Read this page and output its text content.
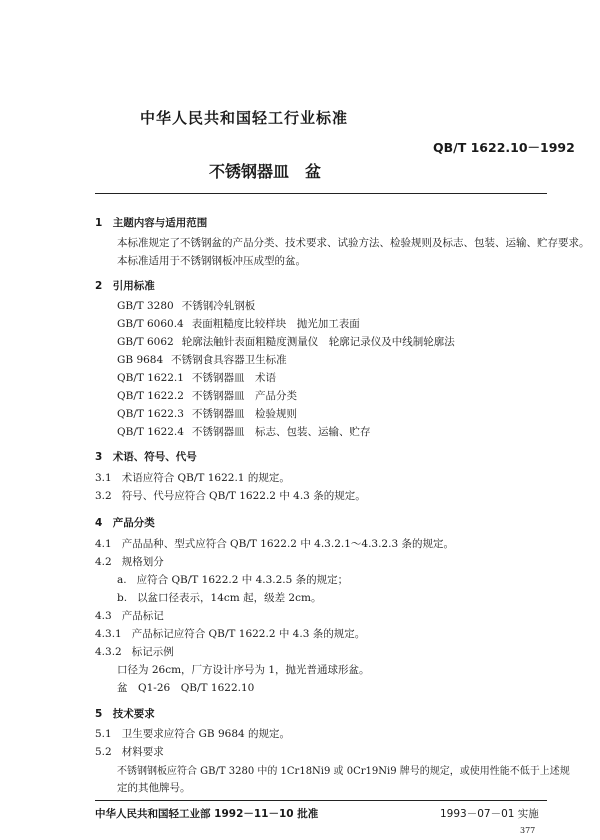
中华人民共和国轻工行业标准
QB/T 1622.10－1992
不锈钢器皿　盆
1　主题内容与适用范围
本标准规定了不锈钢盆的产品分类、技术要求、试验方法、检验规则及标志、包装、运输、贮存要求。
本标准适用于不锈钢钢板冲压成型的盆。
2　引用标准
GB/T 3280 不锈钢冷轧钢板
GB/T 6060.4 表面粗糙度比较样块　抛光加工表面
GB/T 6062 轮廓法触针表面粗糙度测量仪　轮廓记录仪及中线制轮廓法
GB 9684 不锈钢食具容器卫生标准
QB/T 1622.1 不锈钢器皿　术语
QB/T 1622.2 不锈钢器皿　产品分类
QB/T 1622.3 不锈钢器皿　检验规则
QB/T 1622.4 不锈钢器皿　标志、包装、运输、贮存
3　术语、符号、代号
3.1 术语应符合 QB/T 1622.1 的规定。
3.2 符号、代号应符合 QB/T 1622.2 中 4.3 条的规定。
4　产品分类
4.1 产品品种、型式应符合 QB/T 1622.2 中 4.3.2.1～4.3.2.3 条的规定。
4.2 规格划分
a. 应符合 QB/T 1622.2 中 4.3.2.5 条的规定；
b. 以盆口径表示，14cm 起，级差 2cm。
4.3 产品标记
4.3.1 产品标记应符合 QB/T 1622.2 中 4.3 条的规定。
4.3.2 标记示例
口径为 26cm，厂方设计序号为 1，抛光普通球形盆。
盆　Q1-26　QB/T 1622.10
5　技术要求
5.1 卫生要求应符合 GB 9684 的规定。
5.2 材料要求
不锈钢钢板应符合 GB/T 3280 中的 1Cr18Ni9 或 0Cr19Ni9 牌号的规定，或使用性能不低于上述规
定的其他牌号。
中华人民共和国轻工业部 1992－11－10 批准	1993－07－01 实施
377
